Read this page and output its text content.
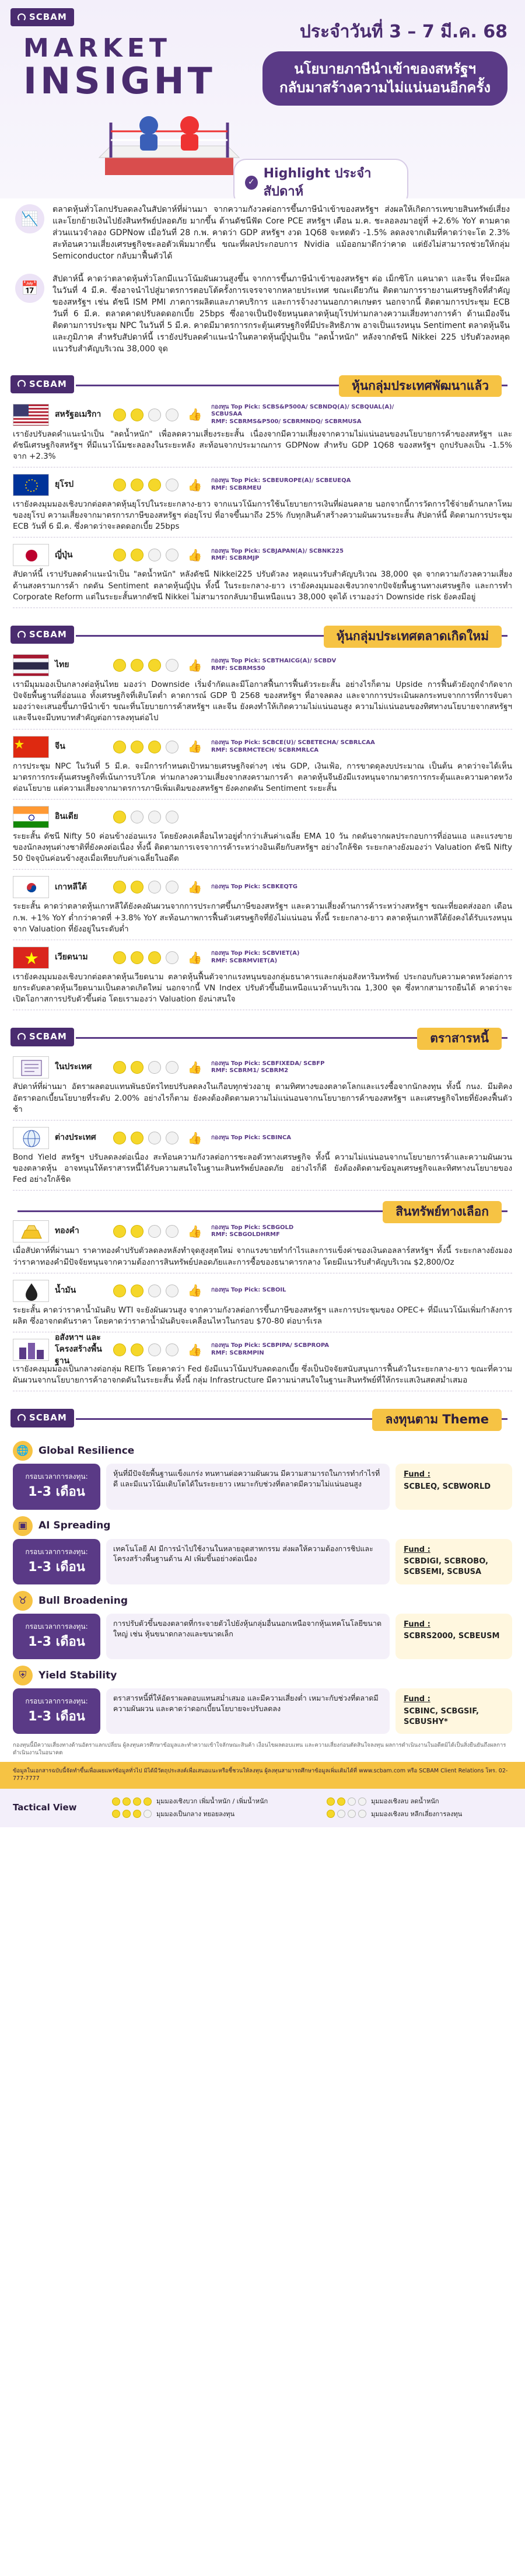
SCBAM
ประจำวันที่ 3 – 7 มี.ค. 68
MARKET
INSIGHT	นโยบายภาษีนำเข้าของสหรัฐฯ
กลับมาสร้างความไม่แน่นอนอีกครั้ง
✓
Highlight ประจำสัปดาห์
📉

ตลาดหุ้นทั่วโลกปรับลดลงในสัปดาห์ที่ผ่านมา จากความกังวลต่อการขึ้นภาษีนำเข้าของสหรัฐฯ ส่งผลให้เกิดการเทขายสินทรัพย์เสี่ยง และโยกย้ายเงินไปยังสินทรัพย์ปลอดภัย มากขึ้น ด้านดัชนีฟัด Core PCE สหรัฐฯ เดือน ม.ค. ชะลอลงมาอยู่ที่ +2.6% YoY ตามคาด ส่วนแนวจำลอง GDPNow เมื่อวันที่ 28 ก.พ. คาดว่า GDP สหรัฐฯ งวด 1Q68 จะหดตัว -1.5% ลดลงจากเดิมที่คาดว่าจะโต 2.3% สะท้อนความเสี่ยงเศรษฐกิจชะลอตัวเพิ่มมากขึ้น ขณะที่ผลประกอบการ Nvidia แม้ออกมาดีกว่าคาด แต่ยังไม่สามารถช่วยให้กลุ่ม Semiconductor กลับมาฟื้นตัวได้

📅

สัปดาห์นี้ คาดว่าตลาดหุ้นทั่วโลกมีแนวโน้มผันผวนสูงขึ้น จากการขึ้นภาษีนำเข้าของสหรัฐฯ ต่อ เม็กซิโก แคนาดา และจีน ที่จะมีผลในวันที่ 4 มี.ค. ซึ่งอาจนำไปสู่มาตรการตอบโต้ครั้งการเจรจาจากหลายประเทศ ขณะเดียวกัน ติดตามการรายงานเศรษฐกิจที่สำคัญของสหรัฐฯ เช่น ดัชนี ISM PMI ภาคการผลิตและภาคบริการ และการจ้างงานนอกภาคเกษตร นอกจากนี้ ติดตามการประชุม ECB วันที่ 6 มี.ค. ตลาดคาดปรับลดดอกเบี้ย 25bps ซึ่งอาจเป็นปัจจัยหนุนตลาดหุ้นยุโรปท่ามกลางความเสี่ยงทางการค้า ด้านเมืองจีน ติดตามการประชุม NPC ในวันที่ 5 มี.ค. คาดมีมาตรการกระตุ้นเศรษฐกิจที่มีประสิทธิภาพ อาจเป็นแรงหนุน Sentiment ตลาดหุ้นจีนและภูมิภาค สำหรับสัปดาห์นี้ เรายังปรับลดคำแนะนำในตลาดหุ้นญี่ปุ่นเป็น "ลดน้ำหนัก" หลังจากดัชนี Nikkei 225 ปรับตัวลงหลุดแนวรับสำคัญบริเวณ 38,000 จุด

SCBAM	หุ้นกลุ่มประเทศพัฒนาแล้ว
สหรัฐอเมริกา	👍
กองทุน Top Pick: SCBS&P500A/ SCBNDQ(A)/ SCBQUAL(A)/
SCBUSAA
RMF: SCBRMS&P500/ SCBRMNDQ/ SCBRMUSA

เรายังปรับลดคำแนะนำเป็น "ลดน้ำหนัก" เพื่อลดความเสี่ยงระยะสั้น เนื่องจากมีความเสี่ยงจากความไม่แน่นอนของนโยบายการค้าของสหรัฐฯ และดัชนีเศรษฐกิจสหรัฐฯ ที่มีแนวโน้มชะลอลงในระยะหลัง สะท้อนจากประมาณการ GDPNow สำหรับ GDP 1Q68 ของสหรัฐฯ ถูกปรับลงเป็น -1.5% จาก +2.3%

ยุโรป	👍	กองทุน Top Pick: SCBEUROPE(A)/ SCBEUEQA
RMF: SCBRMEU

เรายังคงมุมมองเชิงบวกต่อตลาดหุ้นยุโรปในระยะกลาง-ยาว จากแนวโน้มการใช้นโยบายการเงินที่ผ่อนคลาย นอกจากนี้การวัดการใช้จ่ายด้านกลาโหมของยุโรป ความเสี่ยงจากมาตรการภาษีของสหรัฐฯ ต่อยุโรป ที่อาจขึ้นมาถึง 25% กับทุกสินค้าสร้างความผันผวนระยะสั้น สัปดาห์นี้ ติดตามการประชุม ECB วันที่ 6 มี.ค. ซึ่งคาดว่าจะลดดอกเบี้ย 25bps

ญี่ปุ่น	👍	กองทุน Top Pick: SCBJAPAN(A)/ SCBNK225
RMF: SCBRMJP

สัปดาห์นี้ เราปรับลดคำแนะนำเป็น "ลดน้ำหนัก" หลังดัชนี Nikkei225 ปรับตัวลง หลุดแนวรับสำคัญบริเวณ 38,000 จุด จากความกังวลความเสี่ยงด้านสงครามการค้า กดดัน Sentiment ตลาดหุ้นญี่ปุ่น ทั้งนี้ ในระยะกลาง-ยาว เรายังคงมุมมองเชิงบวกจากปัจจัยพื้นฐานทางเศรษฐกิจ และการทำ Corporate Reform แต่ในระยะสั้นหากดัชนี Nikkei ไม่สามารถกลับมายืนเหนือแนว 38,000 จุดได้ เรามองว่า Downside risk ยังคงมีอยู่

SCBAM	หุ้นกลุ่มประเทศตลาดเกิดใหม่
ไทย	👍	กองทุน Top Pick: SCBTHAICG(A)/ SCBDV
RMF: SCBRMS50

เรามีมุมมองเป็นกลางต่อหุ้นไทย มองว่า Downside เริ่มจำกัดและมีโอกาสฟื้นการฟื้นตัวระยะสั้น อย่างไรก็ตาม Upside การฟื้นตัวยังถูกจำกัดจากปัจจัยพื้นฐานที่อ่อนแอ ทั้งเศรษฐกิจที่เติบโตต่ำ คาดการณ์ GDP ปี 2568 ของสหรัฐฯ ที่อาจลดลง และจากการประเมินผลกระทบจากการที่การจับตามองว่าจะเสนอขึ้นภาษีนำเข้า ขณะที่นโยบายการค้าสหรัฐฯ และจีน ยังคงทำให้เกิดความไม่แน่นอนสูง ความไม่แน่นอนของทิศทางนโยบายจากสหรัฐฯ และจีนจะมีบทบาทสำคัญต่อการลงทุนต่อไป

จีน	👍	กองทุน Top Pick: SCBCE(U)/ SCBETECHA/ SCBRLCAA
RMF: SCBRMCTECH/ SCBRMRLCA

การประชุม NPC ในวันที่ 5 มี.ค. จะมีการกำหนดเป้าหมายเศรษฐกิจต่างๆ เช่น GDP, เงินเฟ้อ, การขาดดุลงบประมาณ เป็นต้น คาดว่าจะได้เห็นมาตรการกระตุ้นเศรษฐกิจที่เน้นการบริโภค ท่ามกลางความเสี่ยงจากสงครามการค้า ตลาดหุ้นจีนยังมีแรงหนุนจากมาตรการกระตุ้นและความคาดหวังต่อนโยบาย แต่ความเสี่ยงจากมาตรการภาษีเพิ่มเติมของสหรัฐฯ ยังคงกดดัน Sentiment ระยะสั้น

อินเดีย

ระยะสั้น ดัชนี Nifty 50 ค่อนข้างอ่อนแรง โดยยังคงเคลื่อนไหวอยู่ต่ำกว่าเส้นค่าเฉลี่ย EMA 10 วัน กดดันจากผลประกอบการที่อ่อนแอ และแรงขายของนักลงทุนต่างชาติที่ยังคงต่อเนื่อง ทั้งนี้ ติดตามการเจรจาการค้าระหว่างอินเดียกับสหรัฐฯ อย่างใกล้ชิด ระยะกลางยังมองว่า Valuation ดัชนี Nifty 50 ปัจจุบันค่อนข้างสูงเมื่อเทียบกับค่าเฉลี่ยในอดีต

เกาหลีใต้	👍	กองทุน Top Pick: SCBKEQTG

ระยะสั้น คาดว่าตลาดหุ้นเกาหลีใต้ยังคงผันผวนจากการประกาศขึ้นภาษีของสหรัฐฯ และความเสี่ยงด้านการค้าระหว่างสหรัฐฯ ขณะที่ยอดส่งออก เดือน ก.พ. +1% YoY ต่ำกว่าคาดที่ +3.8% YoY สะท้อนภาพการฟื้นตัวเศรษฐกิจที่ยังไม่แน่นอน ทั้งนี้ ระยะกลาง-ยาว ตลาดหุ้นเกาหลีใต้ยังคงได้รับแรงหนุนจาก Valuation ที่ยังอยู่ในระดับต่ำ

เวียดนาม	👍	กองทุน Top Pick: SCBVIET(A)
RMF: SCBRMVIET(A)

เรายังคงมุมมองเชิงบวกต่อตลาดหุ้นเวียดนาม ตลาดหุ้นฟื้นตัวจากแรงหนุนของกลุ่มธนาคารและกลุ่มอสังหาริมทรัพย์ ประกอบกับความคาดหวังต่อการยกระดับตลาดหุ้นเวียดนามเป็นตลาดเกิดใหม่ นอกจากนี้ VN Index ปรับตัวขึ้นยืนเหนือแนวต้านบริเวณ 1,300 จุด ซึ่งหากสามารถยืนได้ คาดว่าจะเปิดโอกาสการปรับตัวขึ้นต่อ โดยเรามองว่า Valuation ยังน่าสนใจ

SCBAM	ตราสารหนี้
ในประเทศ	👍	กองทุน Top Pick: SCBFIXEDA/ SCBFP
RMF: SCBRM1/ SCBRM2

สัปดาห์ที่ผ่านมา อัตราผลตอบแทนพันธบัตรไทยปรับลดลงในเกือบทุกช่วงอายุ ตามทิศทางของตลาดโลกและแรงซื้อจากนักลงทุน ทั้งนี้ กนง. มีมติคงอัตราดอกเบี้ยนโยบายที่ระดับ 2.00% อย่างไรก็ตาม ยังคงต้องติดตามความไม่แน่นอนจากนโยบายการค้าของสหรัฐฯ และเศรษฐกิจไทยที่ยังคงฟื้นตัวช้า

ต่างประเทศ	👍	กองทุน Top Pick: SCBINCA

Bond Yield สหรัฐฯ ปรับลดลงต่อเนื่อง สะท้อนความกังวลต่อการชะลอตัวทางเศรษฐกิจ ทั้งนี้ ความไม่แน่นอนจากนโยบายการค้าและความผันผวนของตลาดหุ้น อาจหนุนให้ตราสารหนี้ได้รับความสนใจในฐานะสินทรัพย์ปลอดภัย อย่างไรก็ดี ยังต้องติดตามข้อมูลเศรษฐกิจและทิศทางนโยบายของ Fed อย่างใกล้ชิด

สินทรัพย์ทางเลือก
ทองคำ	👍	กองทุน Top Pick: SCBGOLD
RMF: SCBGOLDHRMF

เมื่อสัปดาห์ที่ผ่านมา ราคาทองคำปรับตัวลดลงหลังทำจุดสูงสุดใหม่ จากแรงขายทำกำไรและการแข็งค่าของเงินดอลลาร์สหรัฐฯ ทั้งนี้ ระยะกลางยังมองว่าราคาทองคำมีปัจจัยหนุนจากความต้องการสินทรัพย์ปลอดภัยและการซื้อของธนาคารกลาง โดยมีแนวรับสำคัญบริเวณ $2,800/Oz

น้ำมัน	👍	กองทุน Top Pick: SCBOIL

ระยะสั้น คาดว่าราคาน้ำมันดิบ WTI จะยังผันผวนสูง จากความกังวลต่อการขึ้นภาษีของสหรัฐฯ และการประชุมของ OPEC+ ที่มีแนวโน้มเพิ่มกำลังการผลิต ซึ่งอาจกดดันราคา โดยคาดว่าราคาน้ำมันดิบจะเคลื่อนไหวในกรอบ $70-80 ต่อบาร์เรล

อสังหาฯ และโครงสร้างพื้นฐาน
👍	กองทุน Top Pick: SCBPIPA/ SCBPROPA
RMF: SCBRMPIN

เรายังคงมุมมองเป็นกลางต่อกลุ่ม REITs โดยคาดว่า Fed ยังมีแนวโน้มปรับลดดอกเบี้ย ซึ่งเป็นปัจจัยสนับสนุนการฟื้นตัวในระยะกลาง-ยาว ขณะที่ความผันผวนจากนโยบายการค้าอาจกดดันในระยะสั้น ทั้งนี้ กลุ่ม Infrastructure มีความน่าสนใจในฐานะสินทรัพย์ที่ให้กระแสเงินสดสม่ำเสมอ

SCBAM	ลงทุนตาม Theme
🌐 Global Resilience
กรอบเวลาการลงทุน:
1-3 เดือน
หุ้นที่มีปัจจัยพื้นฐานแข็งแกร่ง ทนทานต่อความผันผวน มีความสามารถในการทำกำไรที่ดี และมีแนวโน้มเติบโตได้ในระยะยาว เหมาะกับช่วงที่ตลาดมีความไม่แน่นอนสูง
Fund :
SCBLEQ, SCBWORLD
▣	AI Spreading
กรอบเวลาการลงทุน:
1-3 เดือน
เทคโนโลยี AI มีการนำไปใช้งานในหลายอุตสาหกรรม ส่งผลให้ความต้องการชิปและโครงสร้างพื้นฐานด้าน AI เพิ่มขึ้นอย่างต่อเนื่อง
Fund :
SCBDIGI, SCBROBO, SCBSEMI, SCBUSA
♉	Bull Broadening
กรอบเวลาการลงทุน:
1-3 เดือน
การปรับตัวขึ้นของตลาดที่กระจายตัวไปยังหุ้นกลุ่มอื่นนอกเหนือจากหุ้นเทคโนโลยีขนาดใหญ่ เช่น หุ้นขนาดกลางและขนาดเล็ก
Fund :
SCBRS2000, SCBEUSM
⛨	Yield Stability
กรอบเวลาการลงทุน:
1-3 เดือน
ตราสารหนี้ที่ให้อัตราผลตอบแทนสม่ำเสมอ และมีความเสี่ยงต่ำ เหมาะกับช่วงที่ตลาดมีความผันผวน และคาดว่าดอกเบี้ยนโยบายจะปรับลดลง
Fund :
SCBINC, SCBGSIF, SCBUSHY*
กองทุนนี้มีความเสี่ยงทางด้านอัตราแลกเปลี่ยน ผู้ลงทุนควรศึกษาข้อมูลและทำความเข้าใจลักษณะสินค้า เงื่อนไขผลตอบแทน และความเสี่ยงก่อนตัดสินใจลงทุน ผลการดำเนินงานในอดีตมิได้เป็นสิ่งยืนยันถึงผลการดำเนินงานในอนาคต
ข้อมูลในเอกสารฉบับนี้จัดทำขึ้นเพื่อเผยแพร่ข้อมูลทั่วไป มิได้มีวัตถุประสงค์เพื่อเสนอแนะหรือชี้ชวนให้ลงทุน ผู้ลงทุนสามารถศึกษาข้อมูลเพิ่มเติมได้ที่ www.scbam.com หรือ SCBAM Client Relations โทร. 02-777-7777
Tactical View
มุมมองเชิงบวก เพิ่มน้ำหนัก / เพิ่มน้ำหนัก	มุมมองเชิงลบ ลดน้ำหนัก
มุมมองเป็นกลาง ทยอยลงทุน	มุมมองเชิงลบ หลีกเลี่ยงการลงทุน
